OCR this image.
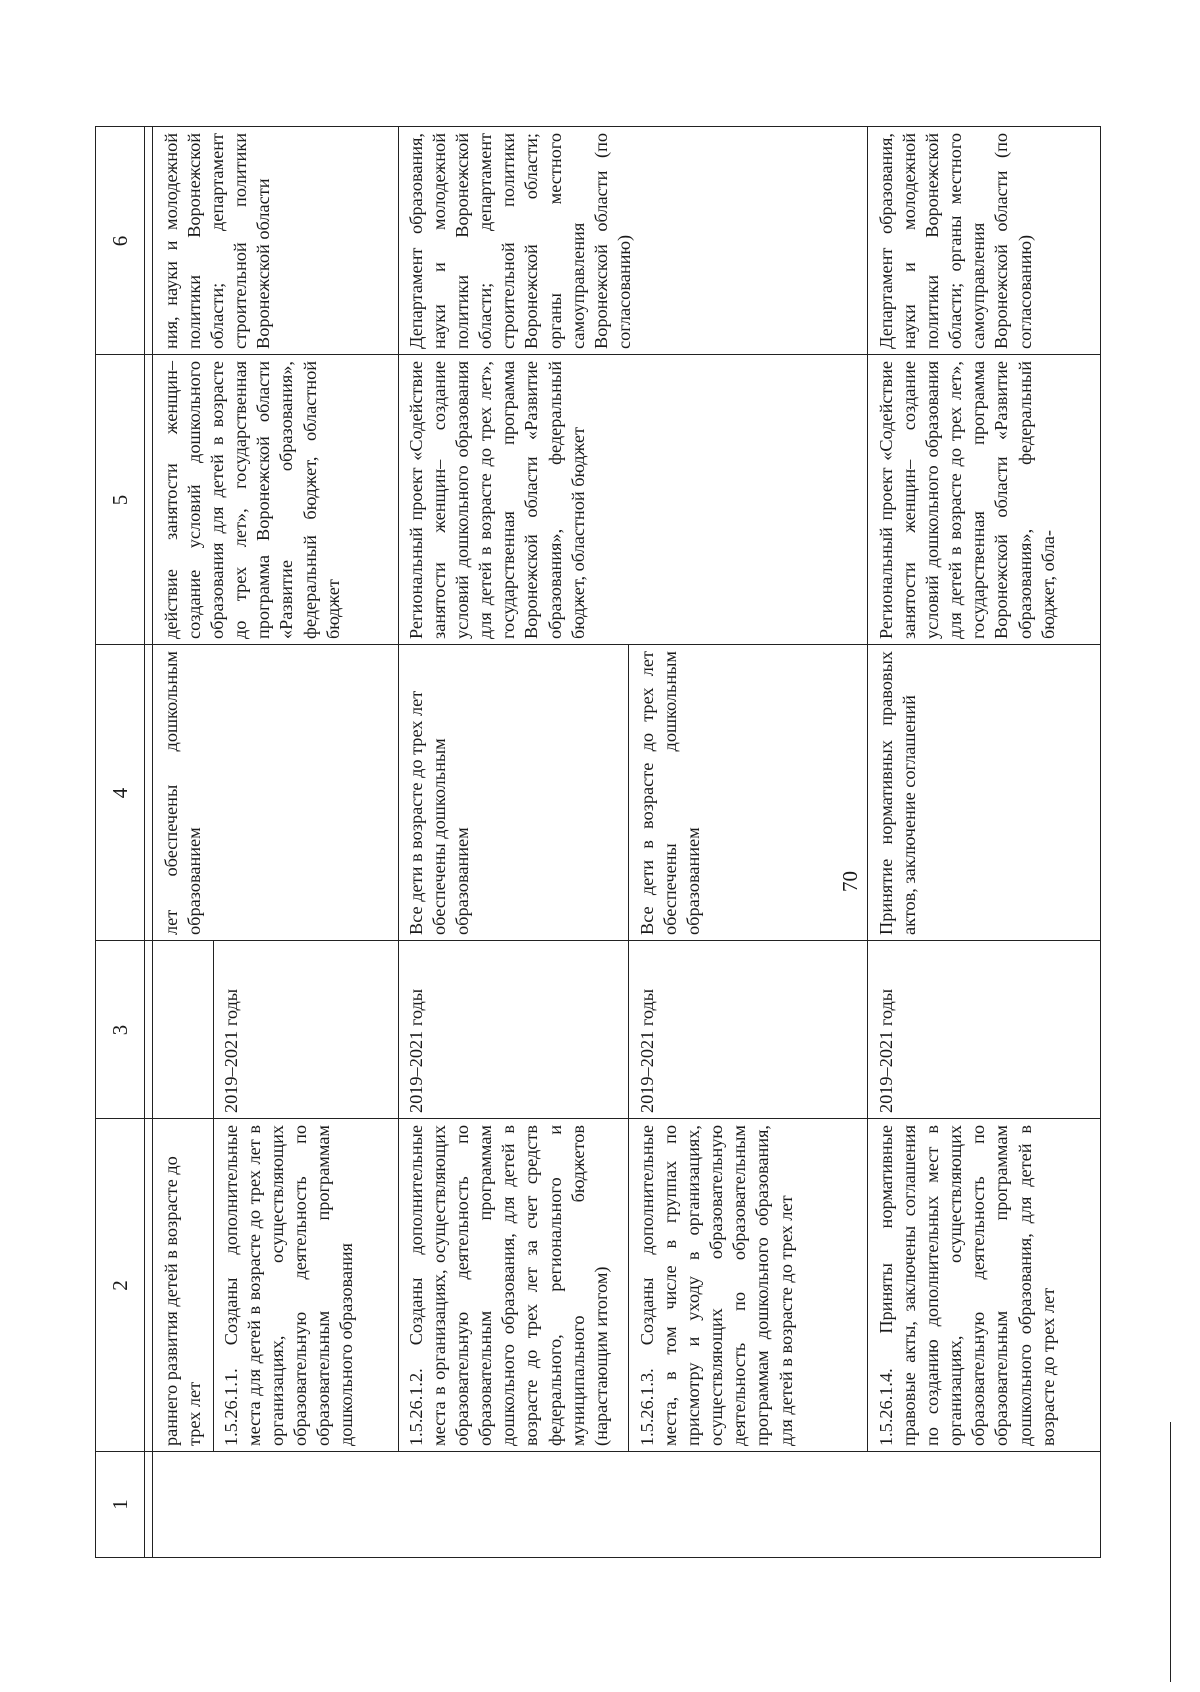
70
1
2
3
4
5
6
раннего развития детей в возрасте до трех лет
лет обеспечены дошкольным образованием
действие занятости женщин– создание условий дошкольного образования для детей в возрасте до трех лет», государственная программа Воронежской области «Развитие образования», федеральный бюджет, областной бюджет
ния, науки и молодежной политики Воронежской области; департамент строительной политики Воронежской области
1.5.26.1.1. Созданы дополнительные места для детей в возрасте до трех лет в организациях, осуществляющих образовательную деятельность по образовательным программам дошкольного образования
2019–2021 годы
1.5.26.1.2. Созданы дополнительные места в организациях, осуществляющих образовательную деятельность по образовательным программам дошкольного образования, для детей в возрасте до трех лет за счет средств федерального, регионального и муниципального бюджетов (нарастающим итогом)
2019–2021 годы
Все дети в возрасте до трех лет обеспечены дошкольным образованием
Региональный проект «Содействие занятости женщин– создание условий дошкольного образования для детей в возрасте до трех лет», государственная программа Воронежской области «Развитие образования», федеральный бюджет, областной бюджет
Департамент образования, науки и молодежной политики Воронежской области; департамент строительной политики Воронежской области; органы местного самоуправления Воронежской области (по согласованию)
1.5.26.1.3. Созданы дополнительные места, в том числе в группах по присмотру и уходу в организациях, осуществляющих образовательную деятельность по образовательным программам дошкольного образования, для детей в возрасте до трех лет
2019–2021 годы
Все дети в возрасте до трех лет обеспечены дошкольным образованием
1.5.26.1.4. Приняты нормативные правовые акты, заключены соглашения по созданию дополнительных мест в организациях, осуществляющих образовательную деятельность по образовательным программам дошкольного образования, для детей в возрасте до трех лет
2019–2021 годы
Принятие нормативных правовых актов, заключение соглашений
Региональный проект «Содействие занятости женщин– создание условий дошкольного образования для детей в возрасте до трех лет», государственная программа Воронежской области «Развитие образования», федеральный бюджет, обла-
Департамент образования, науки и молодежной политики Воронежской области; органы местного самоуправления Воронежской области (по согласованию)
